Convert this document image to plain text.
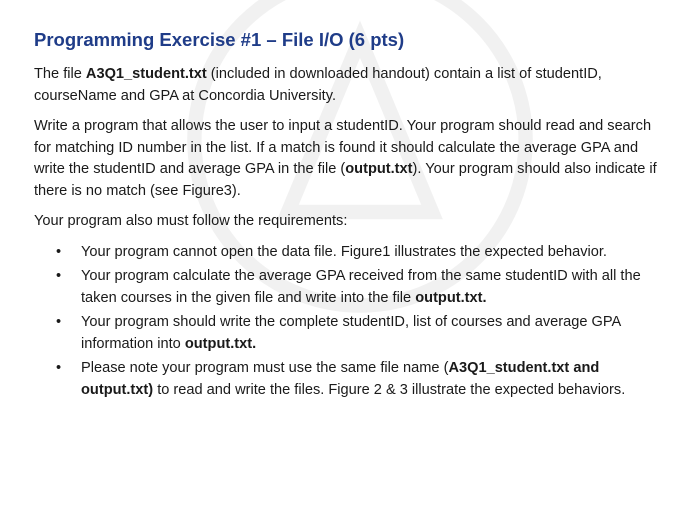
Programming Exercise #1 – File I/O (6 pts)

The file A3Q1_student.txt (included in downloaded handout) contain a list of studentID, courseName and GPA at Concordia University.

Write a program that allows the user to input a studentID. Your program should read and search for matching ID number in the list. If a match is found it should calculate the average GPA and write the studentID and average GPA in the file (output.txt). Your program should also indicate if there is no match (see Figure3).

Your program also must follow the requirements:

• Your program cannot open the data file. Figure1 illustrates the expected behavior.
• Your program calculate the average GPA received from the same studentID with all the taken courses in the given file and write into the file output.txt.
• Your program should write the complete studentID, list of courses and average GPA information into output.txt.
• Please note your program must use the same file name (A3Q1_student.txt and output.txt) to read and write the files. Figure 2 & 3 illustrate the expected behaviors.
